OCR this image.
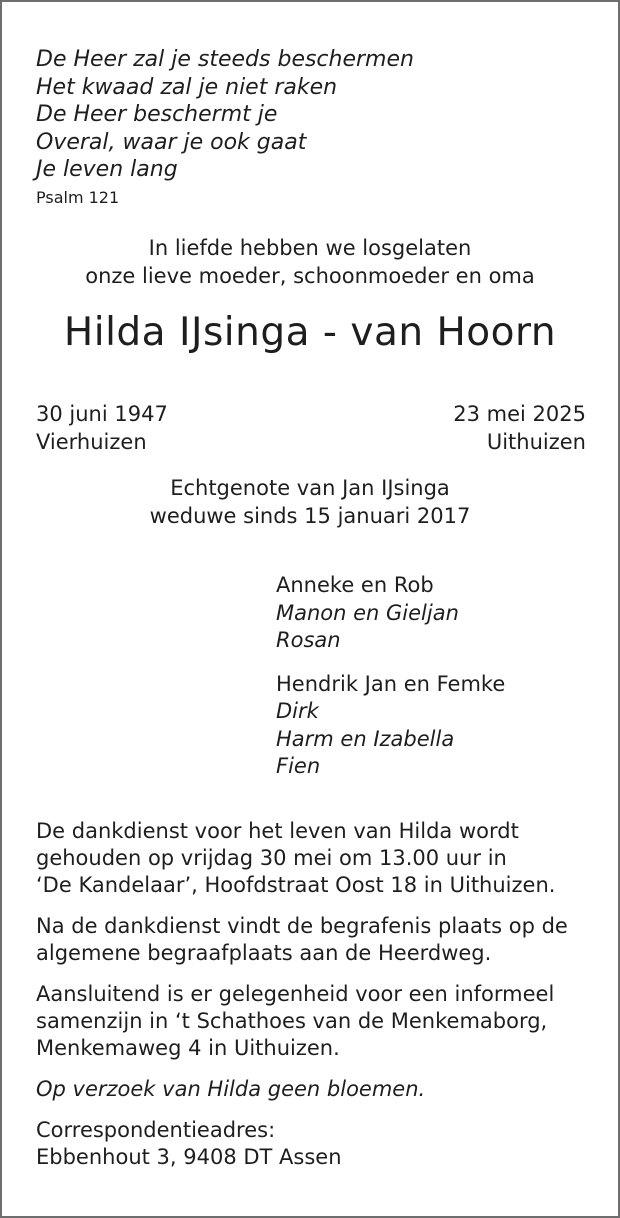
De Heer zal je steeds beschermen
Het kwaad zal je niet raken
De Heer beschermt je
Overal, waar je ook gaat
Je leven lang
Psalm 121
In liefde hebben we losgelaten
onze lieve moeder, schoonmoeder en oma
Hilda IJsinga - van Hoorn
30 juni 1947
Vierhuizen
23 mei 2025
Uithuizen
Echtgenote van Jan IJsinga
weduwe sinds 15 januari 2017
Anneke en Rob
Manon en Gieljan
Rosan
Hendrik Jan en Femke
Dirk
Harm en Izabella
Fien

De dankdienst voor het leven van Hilda wordt
gehouden op vrijdag 30 mei om 13.00 uur in
‘De Kandelaar’, Hoofdstraat Oost 18 in Uithuizen.

Na de dankdienst vindt de begrafenis plaats op de
algemene begraafplaats aan de Heerdweg.

Aansluitend is er gelegenheid voor een informeel
samenzijn in ‘t Schathoes van de Menkemaborg,
Menkemaweg 4 in Uithuizen.

Op verzoek van Hilda geen bloemen.

Correspondentieadres:
Ebbenhout 3, 9408 DT Assen
